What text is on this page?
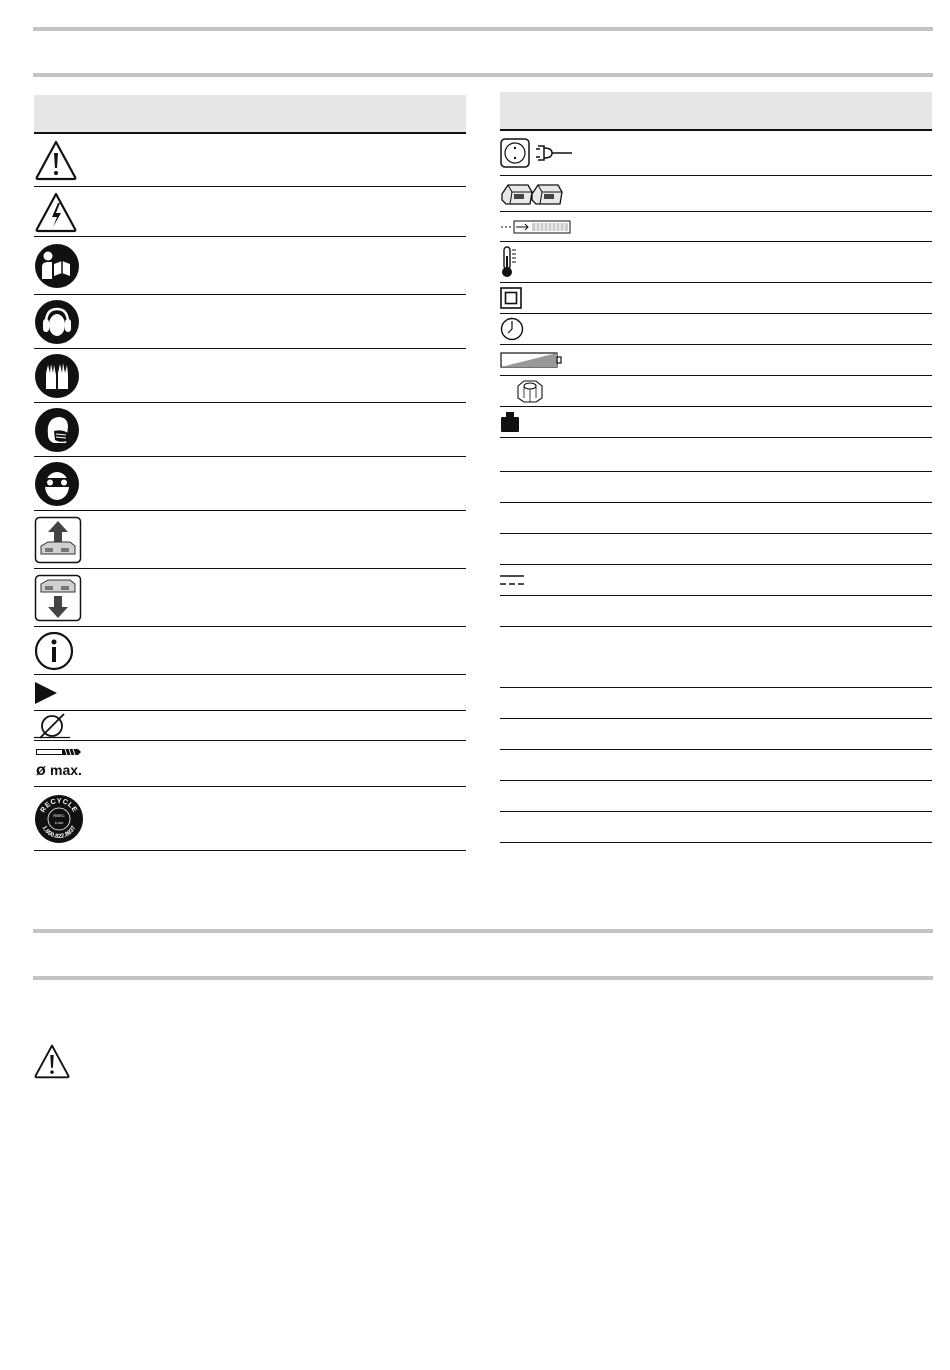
ø max.
RECYCLE
1.800.822.8837
RBRC
Li-ion
